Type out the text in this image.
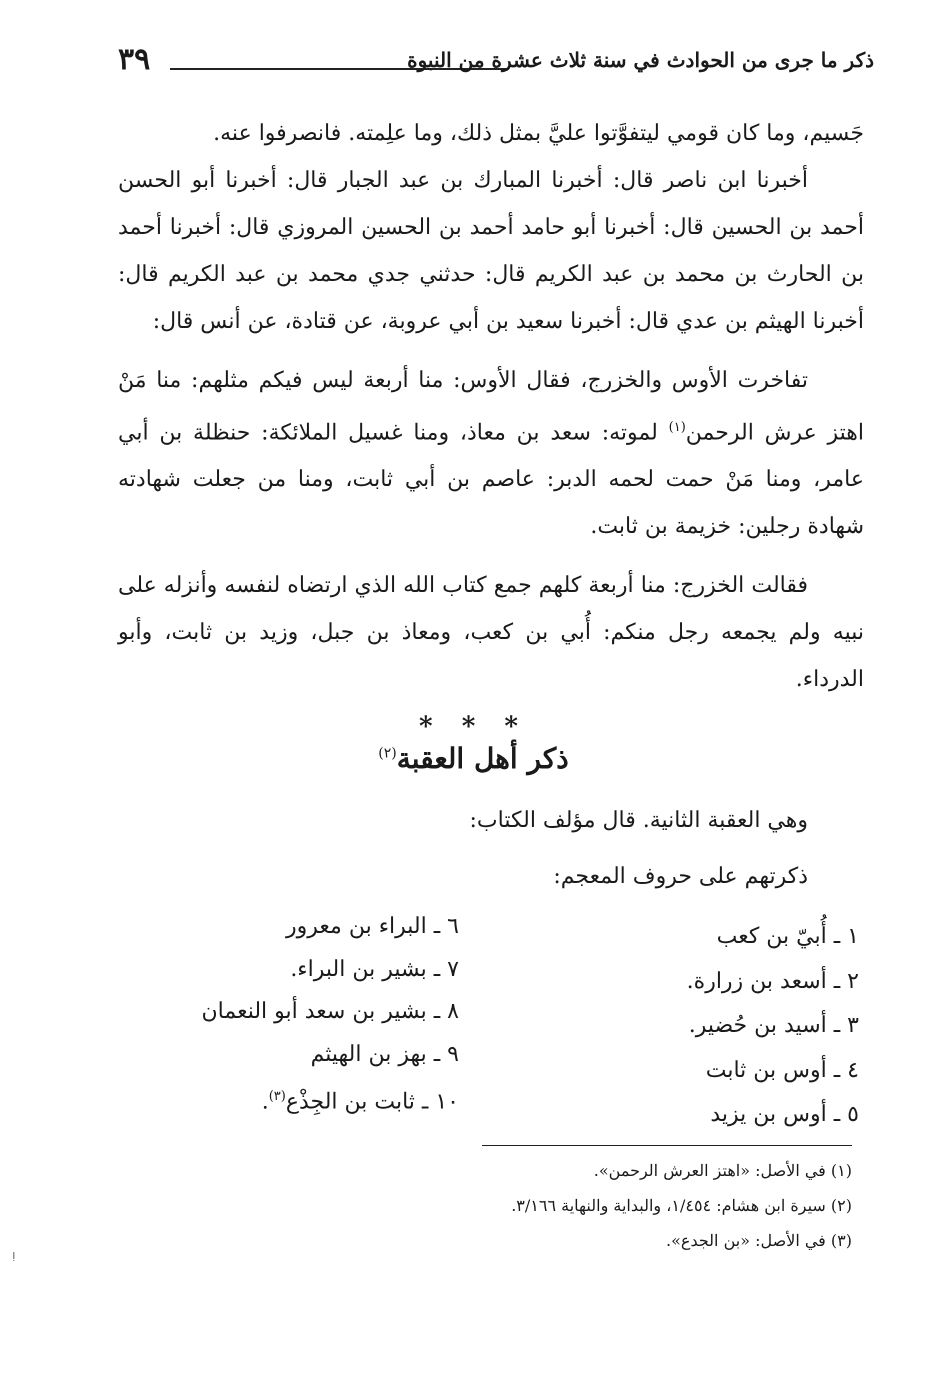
٣٩	ذكر ما جرى من الحوادث في سنة ثلاث عشرة من النبوة

جَسيم، وما كان قومي ليتفوَّتوا عليَّ بمثل ذلك، وما علِمته. فانصرفوا عنه.

أخبرنا ابن ناصر قال: أخبرنا المبارك بن عبد الجبار قال: أخبرنا أبو الحسن أحمد بن الحسين قال: أخبرنا أبو حامد أحمد بن الحسين المروزي قال: أخبرنا أحمد بن الحارث بن محمد بن عبد الكريم قال: حدثني جدي محمد بن عبد الكريم قال: أخبرنا الهيثم بن عدي قال: أخبرنا سعيد بن أبي عروبة، عن قتادة، عن أنس قال:

تفاخرت الأوس والخزرج، فقال الأوس: منا أربعة ليس فيكم مثلهم: منا مَنْ اهتز عرش الرحمن$^{(١)}$ لموته: سعد بن معاذ، ومنا غسيل الملائكة: حنظلة بن أبي عامر، ومنا مَنْ حمت لحمه الدبر: عاصم بن أبي ثابت، ومنا من جعلت شهادته شهادة رجلين: خزيمة بن ثابت.

فقالت الخزرج: منا أربعة كلهم جمع كتاب الله الذي ارتضاه لنفسه وأنزله على نبيه ولم يجمعه رجل منكم: أُبي بن كعب، ومعاذ بن جبل، وزيد بن ثابت، وأبو الدرداء.

* * *
ذكر أهل العقبة$^{(٢)}$
وهي العقبة الثانية. قال مؤلف الكتاب:
ذكرتهم على حروف المعجم:
١ ـ أُبيّ بن كعب
٢ ـ أسعد بن زرارة.
٣ ـ أسيد بن حُضير.
٤ ـ أوس بن ثابت
٥ ـ أوس بن يزيد
٦ ـ البراء بن معرور
٧ ـ بشير بن البراء.
٨ ـ بشير بن سعد أبو النعمان
٩ ـ بهز بن الهيثم
١٠ ـ ثابت بن الجِذْع$^{(٣)}$.
(١) في الأصل: «اهتز العرش الرحمن».
(٢) سيرة ابن هشام: ١/٤٥٤، والبداية والنهاية ٣/١٦٦.
(٣) في الأصل: «بن الجدع».
ⵑ
